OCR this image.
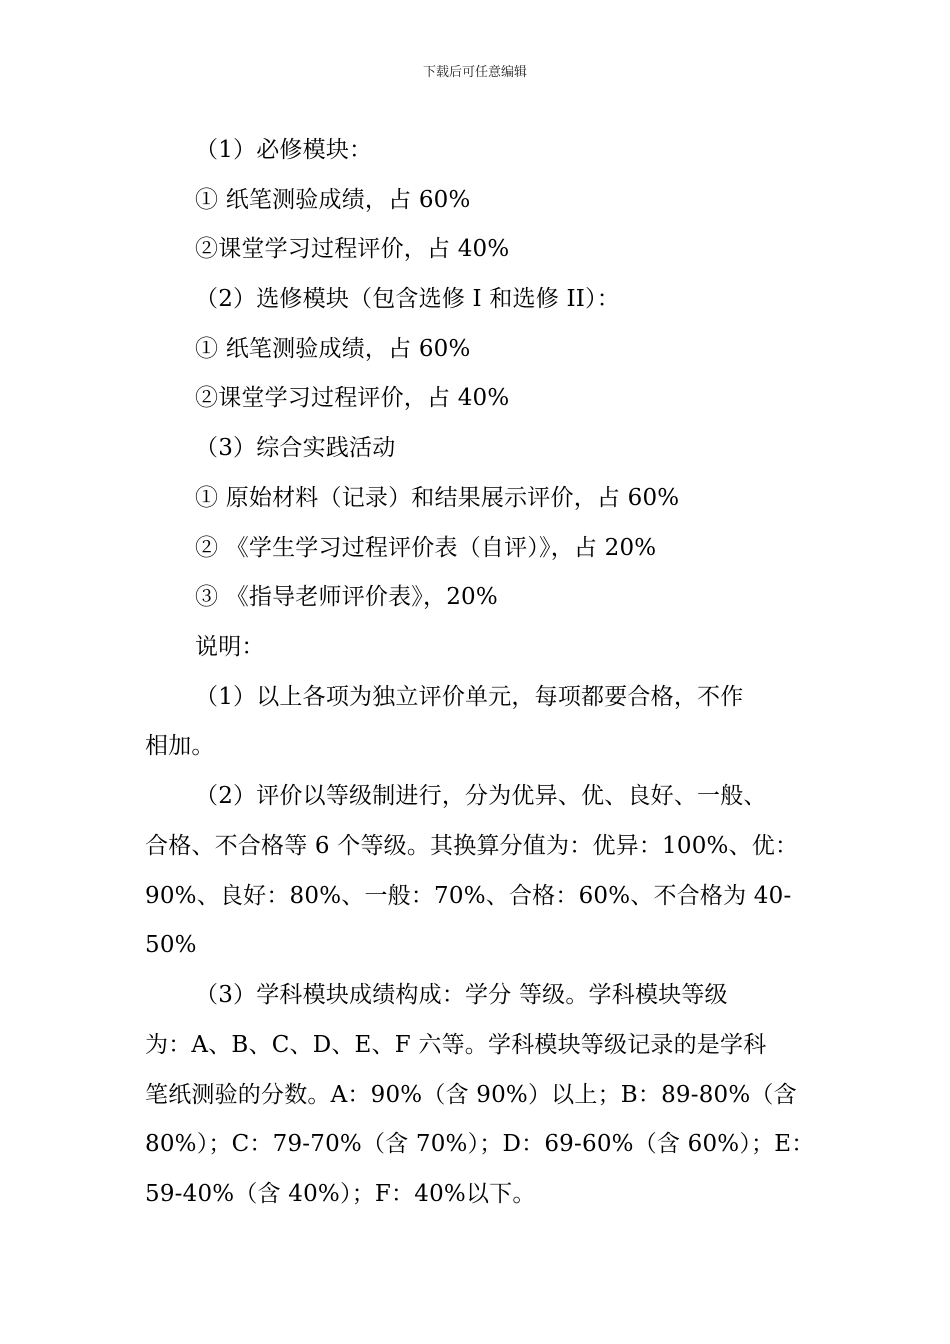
下载后可任意编辑
（1）必修模块：
① 纸笔测验成绩，占 60%
②课堂学习过程评价，占 40%
（2）选修模块（包含选修 I 和选修 II）：
① 纸笔测验成绩，占 60%
②课堂学习过程评价，占 40%
（3）综合实践活动
① 原始材料（记录）和结果展示评价，占 60%
② 《学生学习过程评价表（自评）》，占 20%
③ 《指导老师评价表》，20%
说明：
（1）以上各项为独立评价单元，每项都要合格，不作
相加。
（2）评价以等级制进行，分为优异、优、良好、一般、
合格、不合格等 6 个等级。其换算分值为：优异：100%、优：
90%、良好：80%、一般：70%、合格：60%、不合格为 40-
50%
（3）学科模块成绩构成：学分 等级。学科模块等级
为：A、B、C、D、E、F 六等。学科模块等级记录的是学科
笔纸测验的分数。A：90%（含 90%）以上；B：89-80%（含
80%）；C：79-70%（含 70%）；D：69-60%（含 60%）；E：
59-40%（含 40%）；F：40%以下。
